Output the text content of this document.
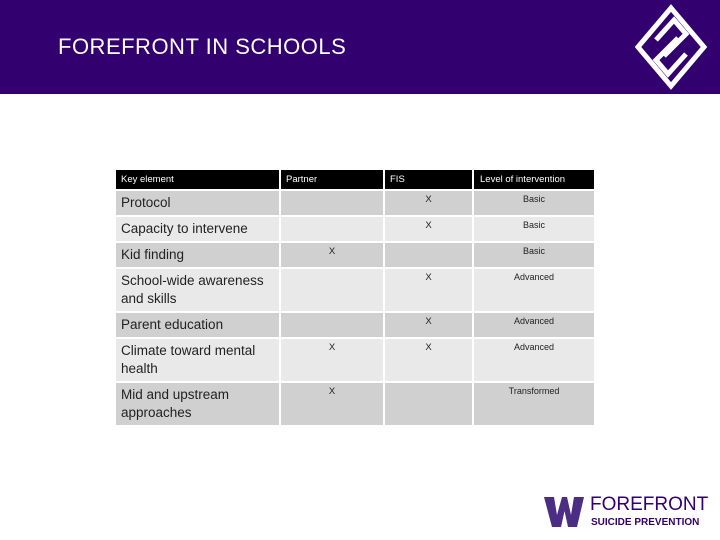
FOREFRONT IN SCHOOLS
Key element	Partner	FIS	Level of intervention
Protocol		X	Basic
Capacity to intervene		X	Basic
Kid finding	X		Basic
School-wide awareness and skills		X	Advanced
Parent education		X	Advanced
Climate toward mental health	X	X	Advanced
Mid and upstream approaches	X		Transformed
FOREFRONT
SUICIDE PREVENTION
